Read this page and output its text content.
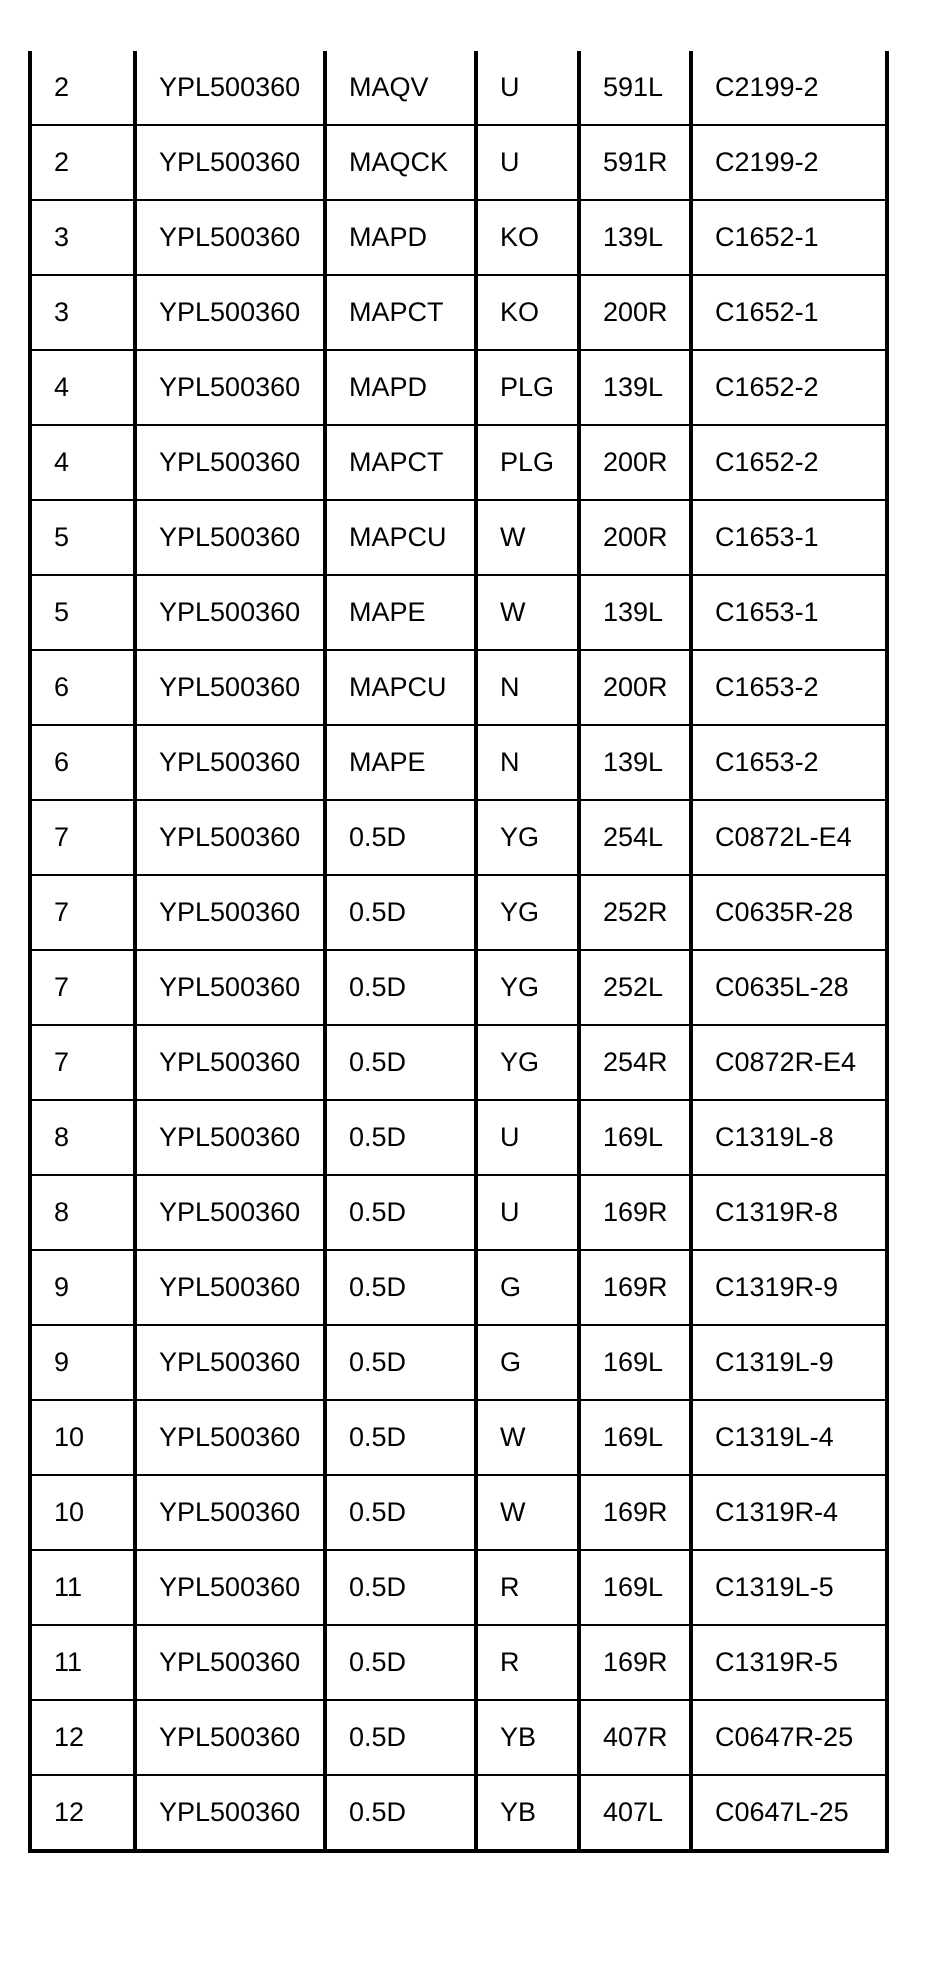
2	YPL500360	MAQV	U	591L	C2199-2
2	YPL500360	MAQCK	U	591R	C2199-2
3	YPL500360	MAPD	KO	139L	C1652-1
3	YPL500360	MAPCT	KO	200R	C1652-1
4	YPL500360	MAPD	PLG	139L	C1652-2
4	YPL500360	MAPCT	PLG	200R	C1652-2
5	YPL500360	MAPCU	W	200R	C1653-1
5	YPL500360	MAPE	W	139L	C1653-1
6	YPL500360	MAPCU	N	200R	C1653-2
6	YPL500360	MAPE	N	139L	C1653-2
7	YPL500360	0.5D	YG	254L	C0872L-E4
7	YPL500360	0.5D	YG	252R	C0635R-28
7	YPL500360	0.5D	YG	252L	C0635L-28
7	YPL500360	0.5D	YG	254R	C0872R-E4
8	YPL500360	0.5D	U	169L	C1319L-8
8	YPL500360	0.5D	U	169R	C1319R-8
9	YPL500360	0.5D	G	169R	C1319R-9
9	YPL500360	0.5D	G	169L	C1319L-9
10	YPL500360	0.5D	W	169L	C1319L-4
10	YPL500360	0.5D	W	169R	C1319R-4
11	YPL500360	0.5D	R	169L	C1319L-5
11	YPL500360	0.5D	R	169R	C1319R-5
12	YPL500360	0.5D	YB	407R	C0647R-25
12	YPL500360	0.5D	YB	407L	C0647L-25
